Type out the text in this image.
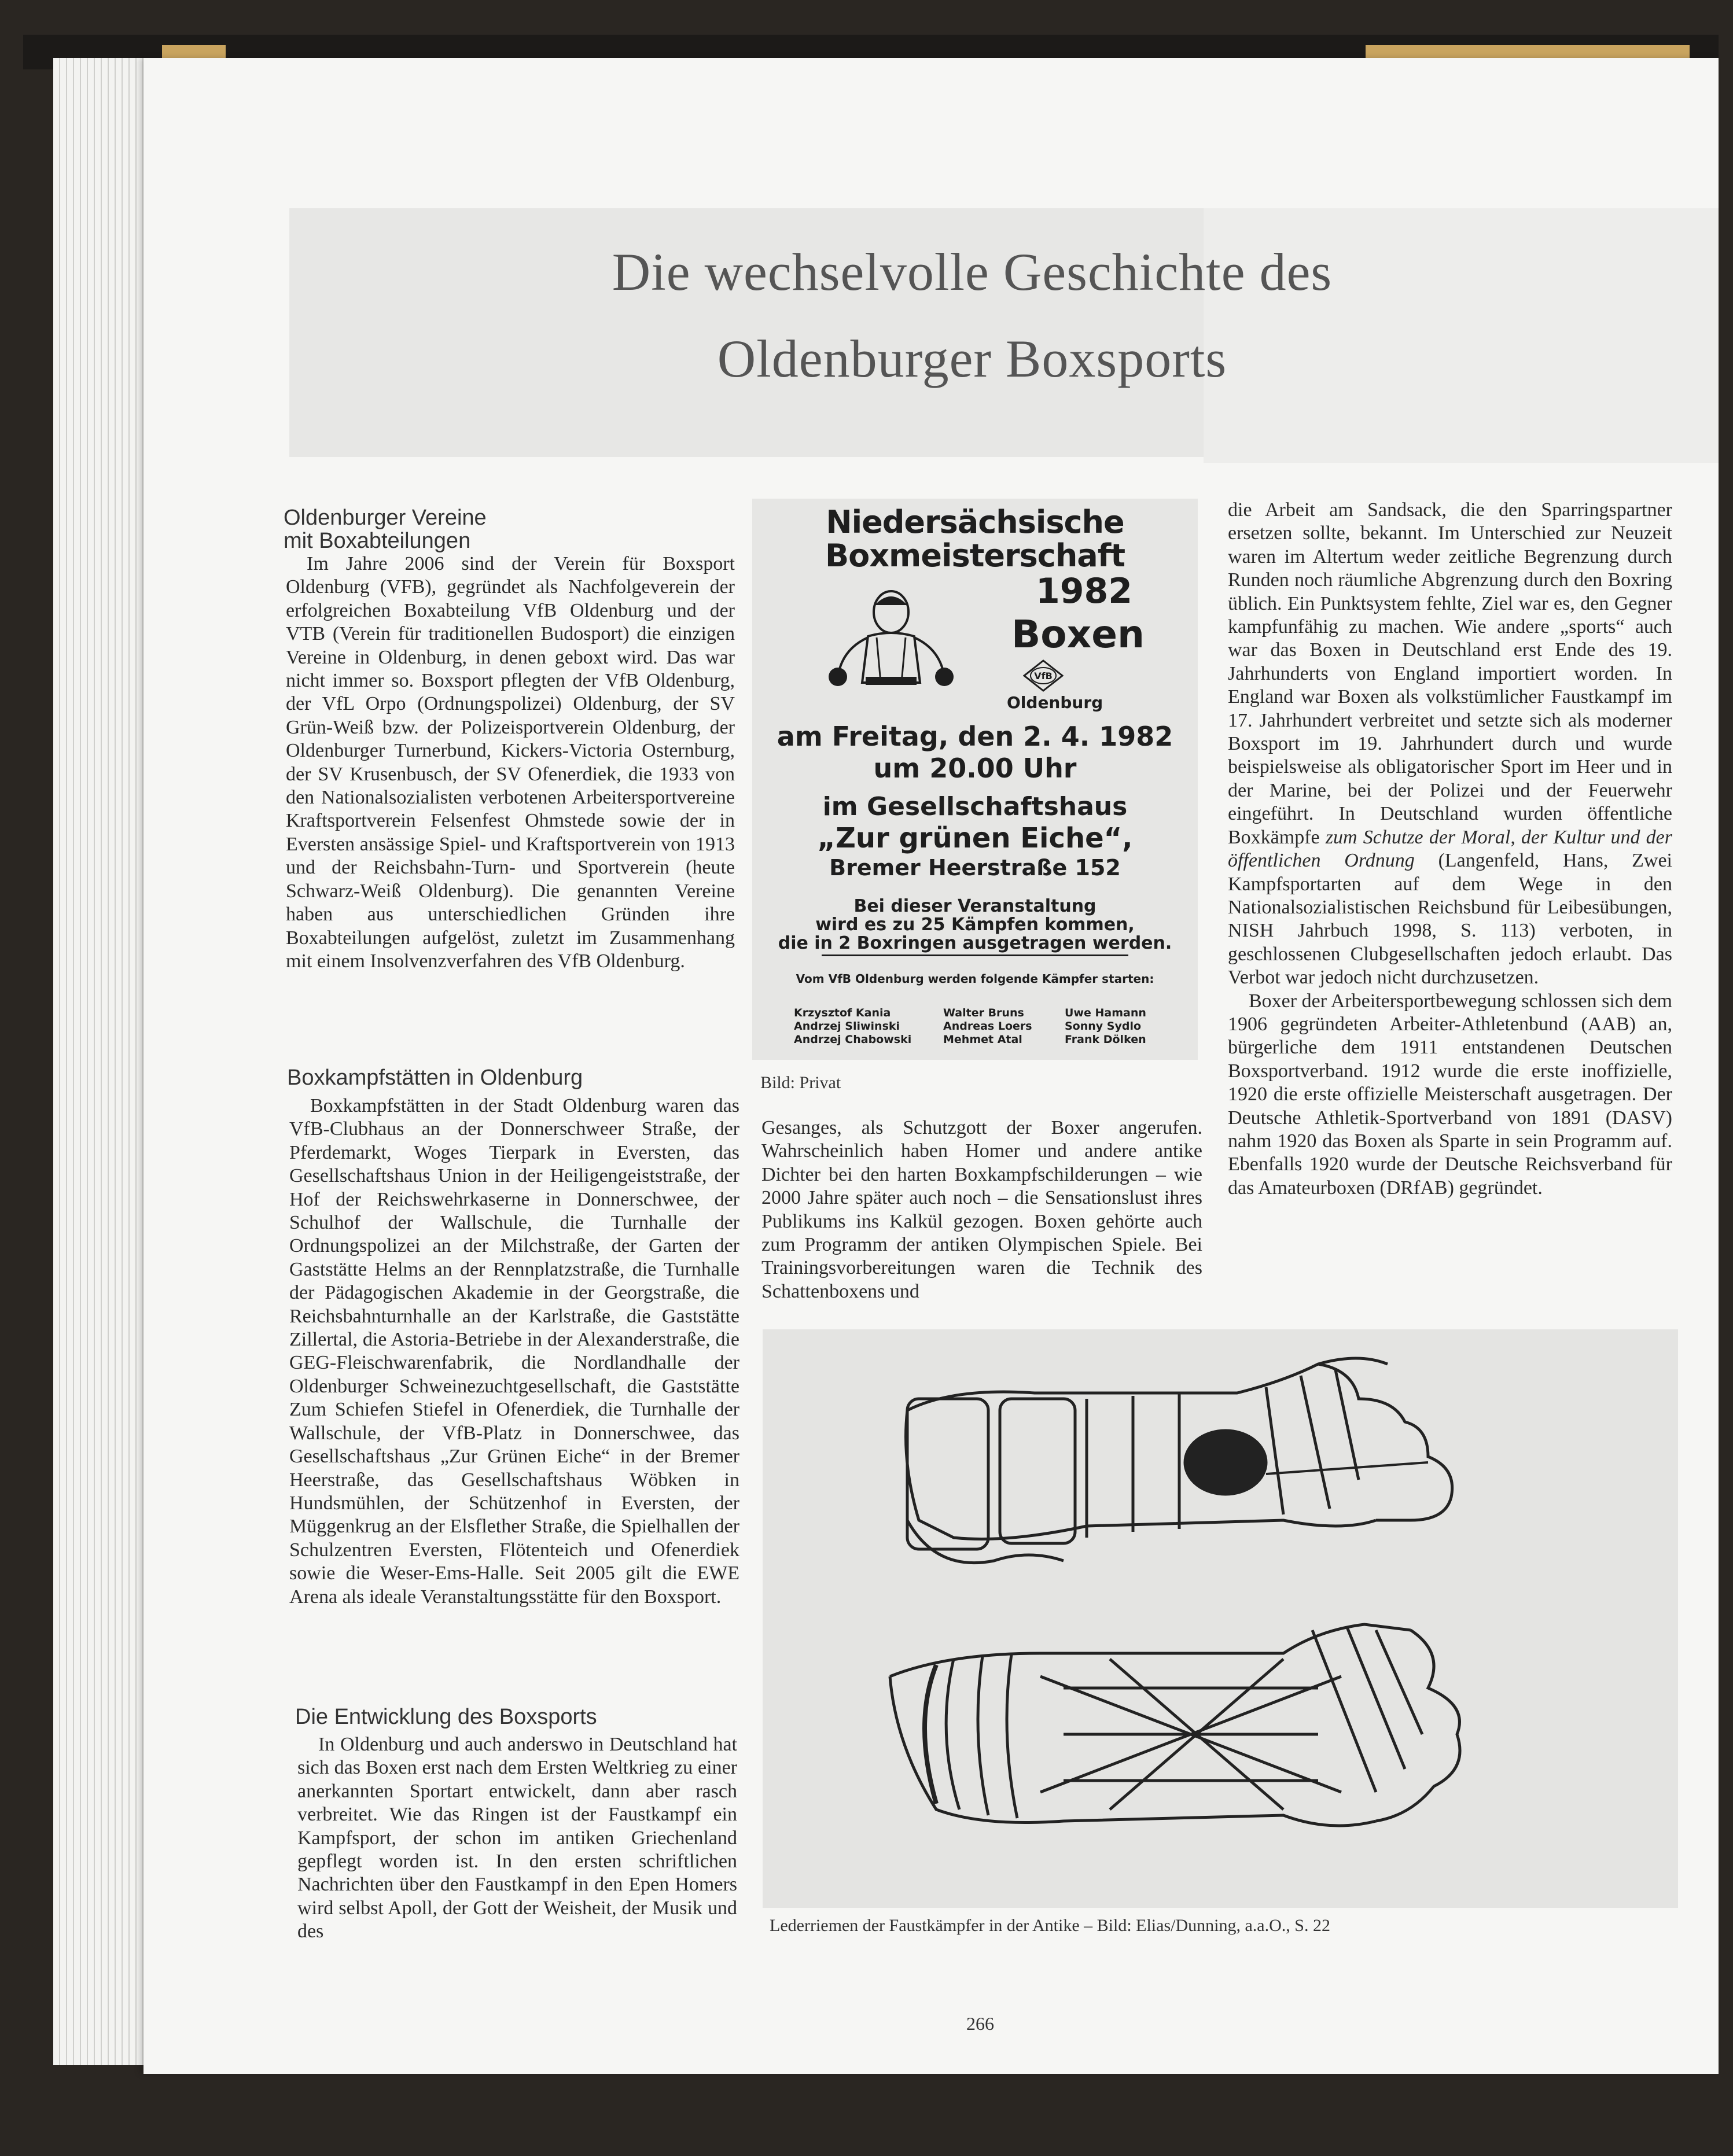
Die wechselvolle Geschichte des
Oldenburger Boxsports
Oldenburger Vereine
mit Boxabteilungen

Im Jahre 2006 sind der Verein für Boxsport Oldenburg (VFB), gegründet als Nachfolgeverein der erfolgreichen Boxabteilung VfB Oldenburg und der VTB (Verein für traditionellen Budosport) die einzigen Vereine in Oldenburg, in denen geboxt wird. Das war nicht immer so. Boxsport pflegten der VfB Oldenburg, der VfL Orpo (Ordnungspolizei) Oldenburg, der SV Grün-Weiß bzw. der Polizeisportverein Oldenburg, der Oldenburger Turnerbund, Kickers-Victoria Osternburg, der SV Krusenbusch, der SV Ofenerdiek, die 1933 von den Nationalsozialisten verbotenen Arbeitersportvereine Kraftsportverein Felsenfest Ohmstede sowie der in Eversten ansässige Spiel- und Kraftsportverein von 1913 und der Reichsbahn-Turn- und Sportverein (heute Schwarz-Weiß Oldenburg). Die genannten Vereine haben aus unterschiedlichen Gründen ihre Boxabteilungen aufgelöst, zuletzt im Zusammenhang mit einem Insolvenzverfahren des VfB Oldenburg.

Boxkampfstätten in Oldenburg

Boxkampfstätten in der Stadt Oldenburg waren das VfB-Clubhaus an der Donnerschweer Straße, der Pferdemarkt, Woges Tierpark in Eversten, das Gesellschaftshaus Union in der Heiligengeiststraße, der Hof der Reichswehrkaserne in Donnerschwee, der Schulhof der Wallschule, die Turnhalle der Ordnungspolizei an der Milchstraße, der Garten der Gaststätte Helms an der Rennplatzstraße, die Turnhalle der Pädagogischen Akademie in der Georgstraße, die Reichsbahnturnhalle an der Karlstraße, die Gaststätte Zillertal, die Astoria-Betriebe in der Alexanderstraße, die GEG-Fleischwarenfabrik, die Nordlandhalle der Oldenburger Schweinezuchtgesellschaft, die Gaststätte Zum Schiefen Stiefel in Ofenerdiek, die Turnhalle der Wallschule, der VfB-Platz in Donnerschwee, das Gesellschaftshaus „Zur Grünen Eiche“ in der Bremer Heerstraße, das Gesellschaftshaus Wöbken in Hundsmühlen, der Schützenhof in Eversten, der Müggenkrug an der Elsflether Straße, die Spielhallen der Schulzentren Eversten, Flötenteich und Ofenerdiek sowie die Weser-Ems-Halle. Seit 2005 gilt die EWE Arena als ideale Veranstaltungsstätte für den Boxsport.

Die Entwicklung des Boxsports

In Oldenburg und auch anderswo in Deutschland hat sich das Boxen erst nach dem Ersten Weltkrieg zu einer anerkannten Sportart entwickelt, dann aber rasch verbreitet. Wie das Ringen ist der Faustkampf ein Kampfsport, der schon im antiken Griechenland gepflegt worden ist. In den ersten schriftlichen Nachrichten über den Faustkampf in den Epen Homers wird selbst Apoll, der Gott der Weisheit, der Musik und des

Niedersächsische
Boxmeisterschaft
1982
Boxen
VfB
Oldenburg
am Freitag, den 2. 4. 1982
um 20.00 Uhr
im Gesellschaftshaus
„Zur grünen Eiche“,
Bremer Heerstraße 152
Bei dieser Veranstaltung
wird es zu 25 Kämpfen kommen,
die in 2 Boxringen ausgetragen werden.
Vom VfB Oldenburg werden folgende Kämpfer starten:
Krzysztof Kania
Andrzej Sliwinski
Andrzej Chabowski
Walter Bruns
Andreas Loers
Mehmet Atal
Uwe Hamann
Sonny Sydlo
Frank Dölken
Bild: Privat

Gesanges, als Schutzgott der Boxer angerufen. Wahrscheinlich haben Homer und andere antike Dichter bei den harten Boxkampfschilderungen – wie 2000 Jahre später auch noch – die Sensationslust ihres Publikums ins Kalkül gezogen. Boxen gehörte auch zum Programm der antiken Olympischen Spiele. Bei Trainingsvorbereitungen waren die Technik des Schattenboxens und

die Arbeit am Sandsack, die den Sparringspartner ersetzen sollte, bekannt. Im Unterschied zur Neuzeit waren im Altertum weder zeitliche Begrenzung durch Runden noch räumliche Abgrenzung durch den Boxring üblich. Ein Punktsystem fehlte, Ziel war es, den Gegner kampfunfähig zu machen. Wie andere „sports“ auch war das Boxen in Deutschland erst Ende des 19. Jahrhunderts von England importiert worden. In England war Boxen als volkstümlicher Faustkampf im 17. Jahrhundert verbreitet und setzte sich als moderner Boxsport im 19. Jahrhundert durch und wurde beispielsweise als obligatorischer Sport im Heer und in der Marine, bei der Polizei und der Feuerwehr eingeführt. In Deutschland wurden öffentliche Boxkämpfe zum Schutze der Moral, der Kultur und der öffentlichen Ordnung (Langenfeld, Hans, Zwei Kampfsportarten auf dem Wege in den Nationalsozialistischen Reichsbund für Leibesübungen, NISH Jahrbuch 1998, S. 113) verboten, in geschlossenen Clubgesellschaften jedoch erlaubt. Das Verbot war jedoch nicht durchzusetzen.

Boxer der Arbeitersportbewegung schlossen sich dem 1906 gegründeten Arbeiter-Athletenbund (AAB) an, bürgerliche dem 1911 entstandenen Deutschen Boxsportverband. 1912 wurde die erste inoffizielle, 1920 die erste offizielle Meisterschaft ausgetragen. Der Deutsche Athletik-Sportverband von 1891 (DASV) nahm 1920 das Boxen als Sparte in sein Programm auf. Ebenfalls 1920 wurde der Deutsche Reichsverband für das Amateurboxen (DRfAB) gegründet.

Lederriemen der Faustkämpfer in der Antike – Bild: Elias/Dunning, a.a.O., S. 22
266
